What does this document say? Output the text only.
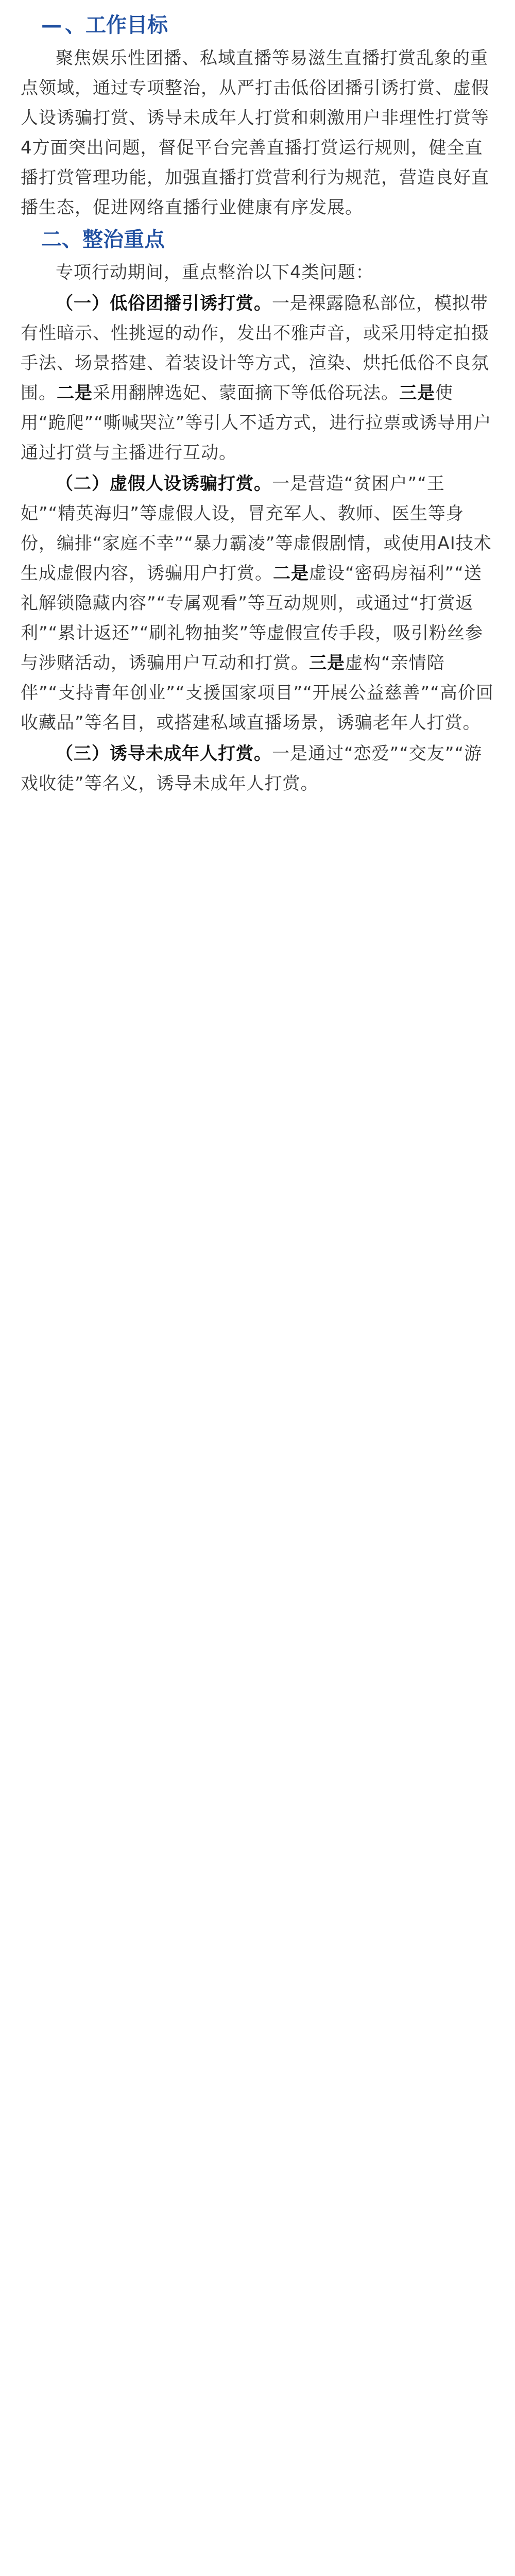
— 、工作目标

聚焦娱乐性团播、私域直播等易滋生直播打赏乱象的重点领域，通过专项整治，从严打击低俗团播引诱打赏、虚假人设诱骗打赏、诱导未成年人打赏和刺激用户非理性打赏等4方面突出问题，督促平台完善直播打赏运行规则，健全直播打赏管理功能，加强直播打赏营利行为规范，营造良好直播生态，促进网络直播行业健康有序发展。

二、整治重点

专项行动期间，重点整治以下4类问题：

（一）低俗团播引诱打赏。一是裸露隐私部位，模拟带有性暗示、性挑逗的动作，发出不雅声音，或采用特定拍摄手法、场景搭建、着装设计等方式，渲染、烘托低俗不良氛围。二是采用翻牌选妃、蒙面摘下等低俗玩法。三是使用“跪爬”“嘶喊哭泣”等引人不适方式，进行拉票或诱导用户通过打赏与主播进行互动。

（二）虚假人设诱骗打赏。一是营造“贫困户”“王妃”“精英海归”等虚假人设，冒充军人、教师、医生等身份，编排“家庭不幸”“暴力霸凌”等虚假剧情，或使用AI技术生成虚假内容，诱骗用户打赏。二是虚设“密码房福利”“送礼解锁隐藏内容”“专属观看”等互动规则，或通过“打赏返利”“累计返还”“刷礼物抽奖”等虚假宣传手段，吸引粉丝参与涉赌活动，诱骗用户互动和打赏。三是虚构“亲情陪伴”“支持青年创业”“支援国家项目”“开展公益慈善”“高价回收藏品”等名目，或搭建私域直播场景，诱骗老年人打赏。

（三）诱导未成年人打赏。一是通过“恋爱”“交友”“游戏收徒”等名义，诱导未成年人打赏。
